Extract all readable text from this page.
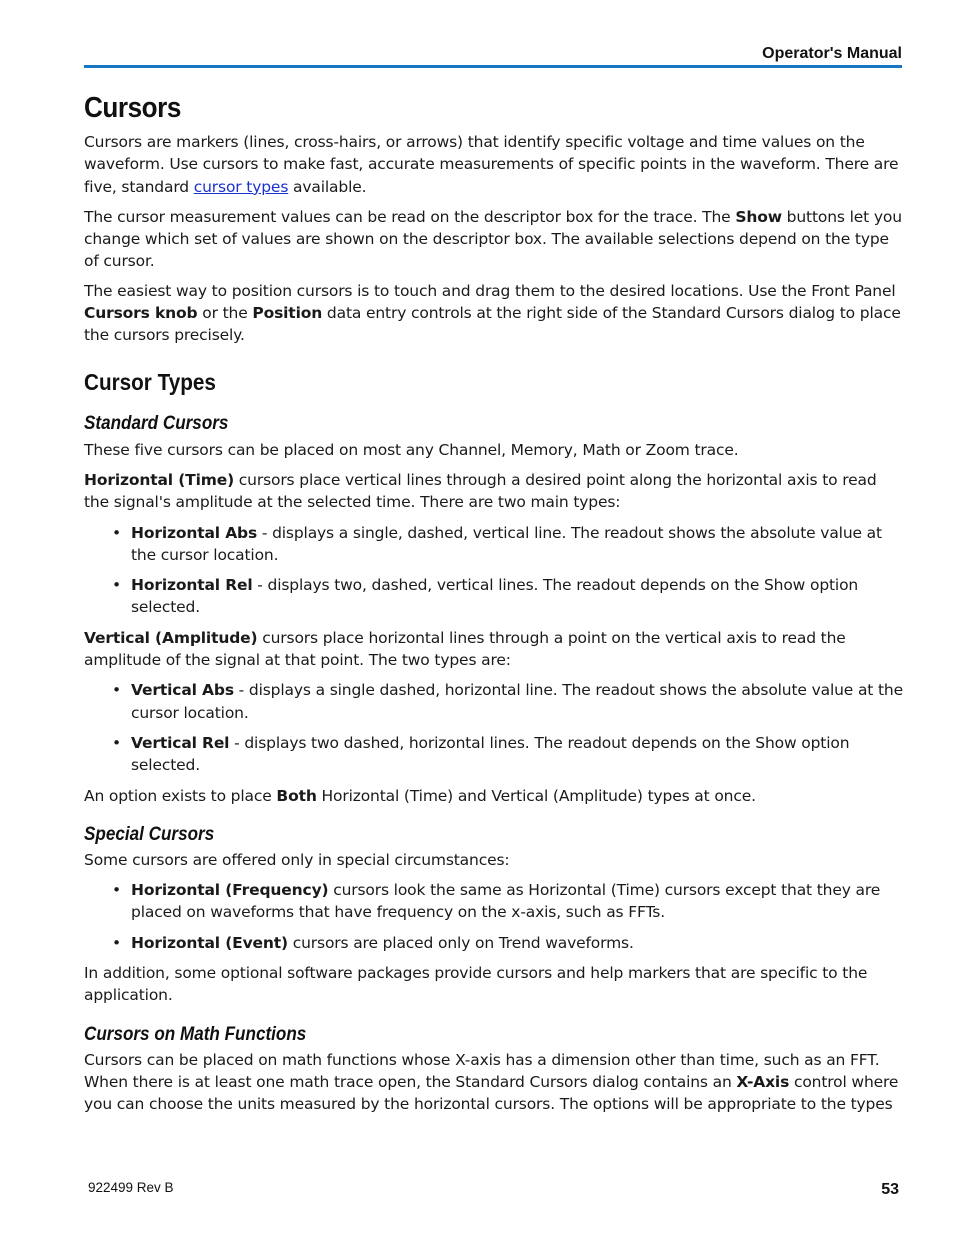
Operator's Manual
Cursors

Cursors are markers (lines, cross-hairs, or arrows) that identify specific voltage and time values on the waveform. Use cursors to make fast, accurate measurements of specific points in the waveform. There are five, standard cursor types available.

The cursor measurement values can be read on the descriptor box for the trace. The Show buttons let you change which set of values are shown on the descriptor box. The available selections depend on the type of cursor.

The easiest way to position cursors is to touch and drag them to the desired locations. Use the Front Panel Cursors knob or the Position data entry controls at the right side of the Standard Cursors dialog to place the cursors precisely.

Cursor Types
Standard Cursors

These five cursors can be placed on most any Channel, Memory, Math or Zoom trace.

Horizontal (Time) cursors place vertical lines through a desired point along the horizontal axis to read the signal's amplitude at the selected time. There are two main types:

• Horizontal Abs - displays a single, dashed, vertical line. The readout shows the absolute value at the cursor location.
• Horizontal Rel - displays two, dashed, vertical lines. The readout depends on the Show option selected.

Vertical (Amplitude) cursors place horizontal lines through a point on the vertical axis to read the amplitude of the signal at that point. The two types are:

• Vertical Abs - displays a single dashed, horizontal line. The readout shows the absolute value at the cursor location.
• Vertical Rel - displays two dashed, horizontal lines. The readout depends on the Show option selected.

An option exists to place Both Horizontal (Time) and Vertical (Amplitude) types at once.

Special Cursors

Some cursors are offered only in special circumstances:

• Horizontal (Frequency) cursors look the same as Horizontal (Time) cursors except that they are placed on waveforms that have frequency on the x-axis, such as FFTs.
• Horizontal (Event) cursors are placed only on Trend waveforms.

In addition, some optional software packages provide cursors and help markers that are specific to the application.

Cursors on Math Functions

Cursors can be placed on math functions whose X-axis has a dimension other than time, such as an FFT. When there is at least one math trace open, the Standard Cursors dialog contains an X-Axis control where you can choose the units measured by the horizontal cursors. The options will be appropriate to the types

922499 Rev B	53
